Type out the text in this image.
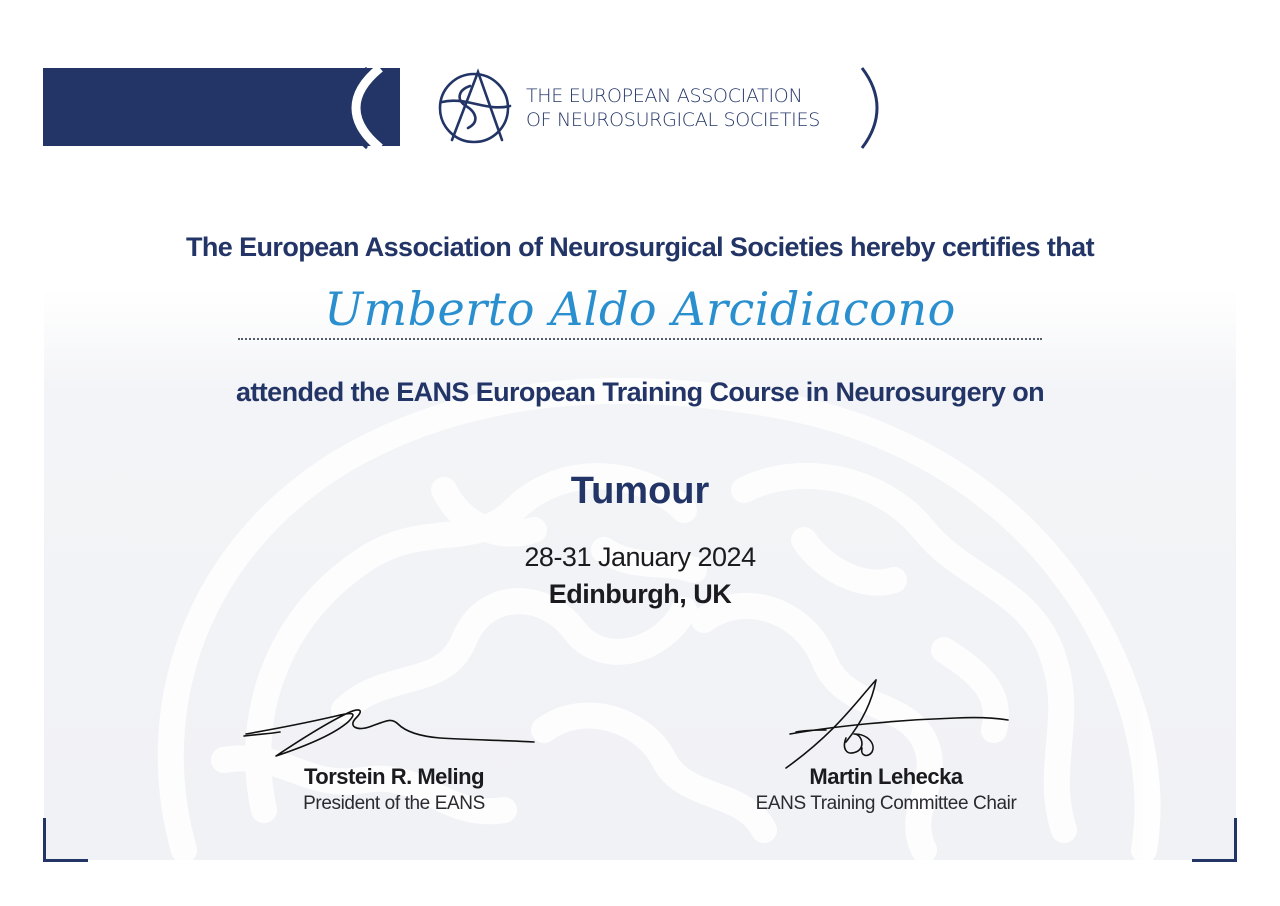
THE EUROPEAN ASSOCIATION
OF NEUROSURGICAL SOCIETIES
The European Association of Neurosurgical Societies hereby certifies that
Umberto Aldo Arcidiacono
attended the EANS European Training Course in Neurosurgery on
Tumour
28-31 January 2024
Edinburgh, UK
Torstein R. Meling
President of the EANS
Martin Lehecka
EANS Training Committee Chair
